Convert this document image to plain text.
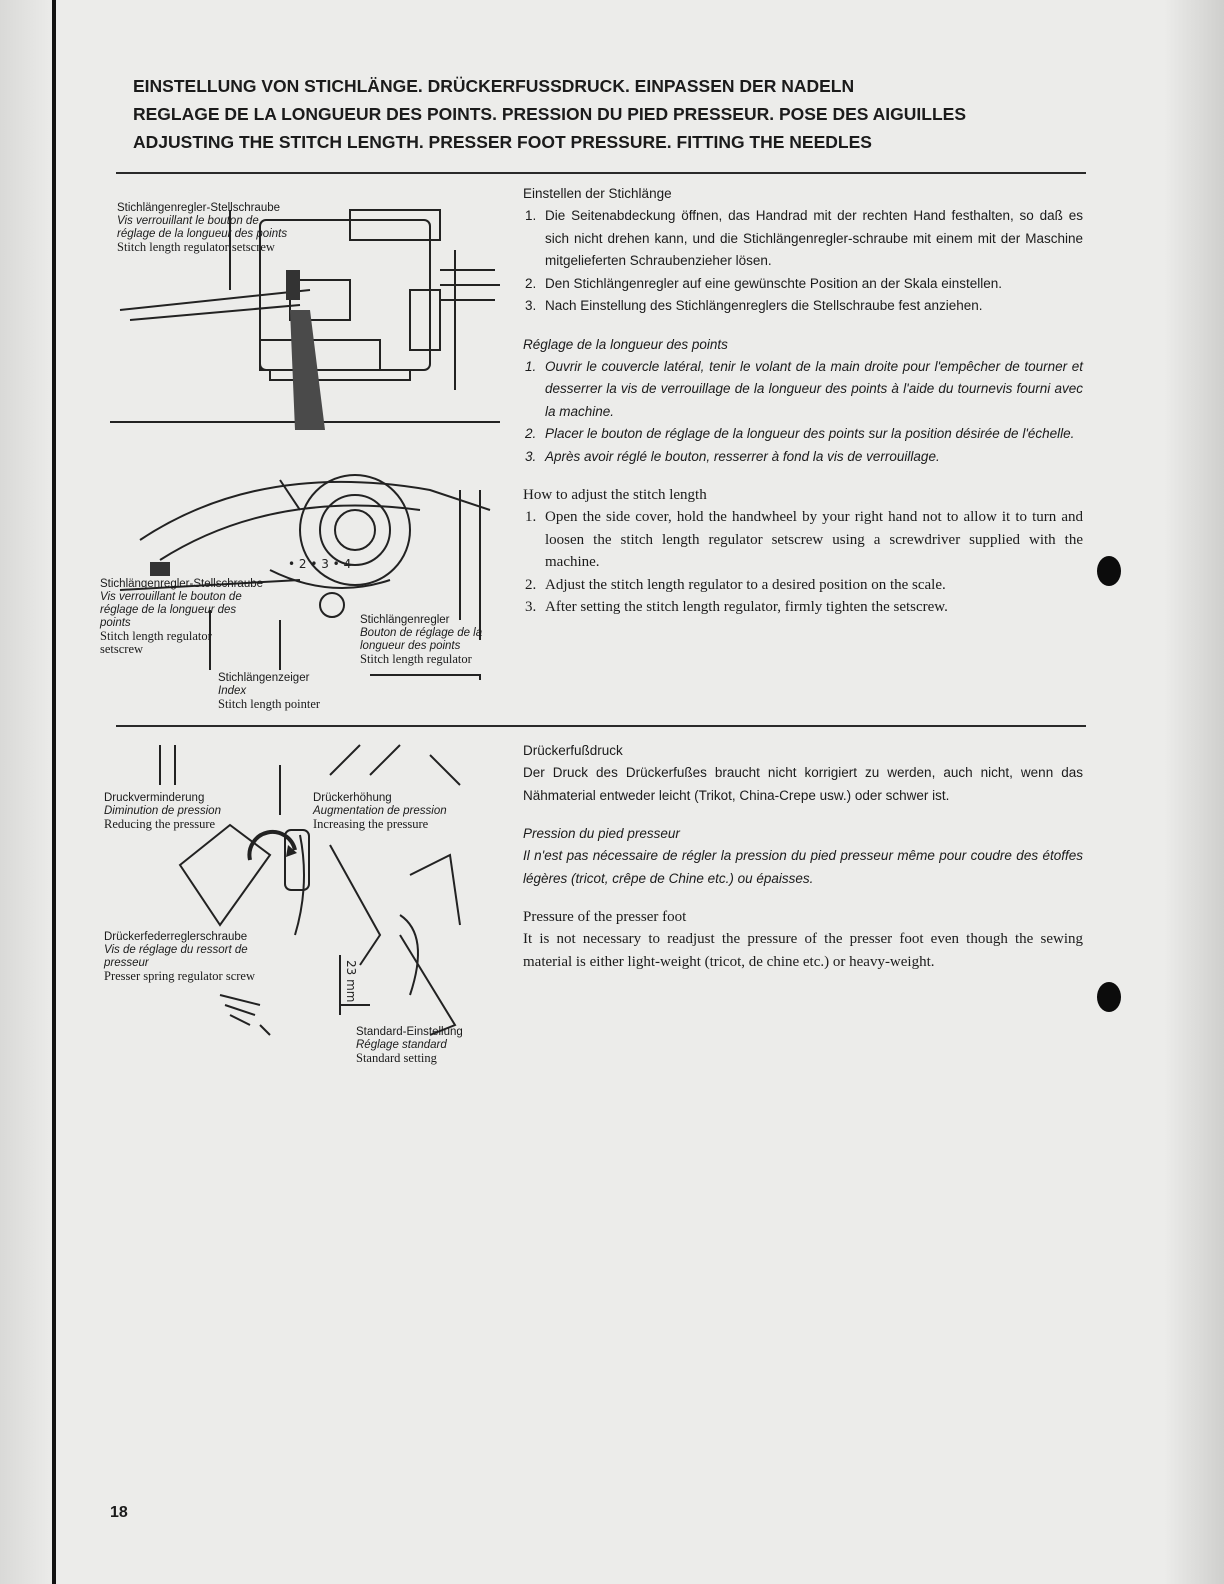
EINSTELLUNG VON STICHLÄNGE. DRÜCKERFUSSDRUCK. EINPASSEN DER NADELN
REGLAGE DE LA LONGUEUR DES POINTS. PRESSION DU PIED PRESSEUR. POSE DES AIGUILLES
ADJUSTING THE STITCH LENGTH. PRESSER FOOT PRESSURE. FITTING THE NEEDLES
Einstellen der Stichlänge
1. Die Seitenabdeckung öffnen, das Handrad mit der rechten Hand festhalten, so daß es sich nicht drehen kann, und die Stichlängenregler-schraube mit einem mit der Maschine mitgelieferten Schraubenzieher lösen.
2. Den Stichlängenregler auf eine gewünschte Position an der Skala einstellen.
3. Nach Einstellung des Stichlängenreglers die Stellschraube fest anziehen.
Réglage de la longueur des points
1. Ouvrir le couvercle latéral, tenir le volant de la main droite pour l'empêcher de tourner et desserrer la vis de verrouillage de la longueur des points à l'aide du tournevis fourni avec la machine.
2. Placer le bouton de réglage de la longueur des points sur la position désirée de l'échelle.
3. Après avoir réglé le bouton, resserrer à fond la vis de verrouillage.
How to adjust the stitch length
1. Open the side cover, hold the handwheel by your right hand not to allow it to turn and loosen the stitch length regulator setscrew using a screwdriver supplied with the machine.
2. Adjust the stitch length regulator to a desired position on the scale.
3. After setting the stitch length regulator, firmly tighten the setscrew.
Drückerfußdruck
Der Druck des Drückerfußes braucht nicht korrigiert zu werden, auch nicht, wenn das Nähmaterial entweder leicht (Trikot, China-Crepe usw.) oder schwer ist.
Pression du pied presseur
Il n'est pas nécessaire de régler la pression du pied presseur même pour coudre des étoffes légères (tricot, crêpe de Chine etc.) ou épaisses.
Pressure of the presser foot
It is not necessary to readjust the pressure of the presser foot even though the sewing material is either light-weight (tricot, de chine etc.) or heavy-weight.
Stichlängenregler-Stellschraube
Vis verrouillant le bouton de
réglage de la longueur des points
Stitch length regulator setscrew
• 2 • 3 • 4
Stichlängenregler-Stellschraube
Vis verrouillant le bouton de
réglage de la longueur des
points
Stitch length regulator
setscrew
Stichlängenregler
Bouton de réglage de la
longueur des points
Stitch length regulator
Stichlängenzeiger
Index
Stitch length pointer
23 mm
Druckverminderung
Diminution de pression
Reducing the pressure
Drückerhöhung
Augmentation de pression
Increasing the pressure
Drückerfederreglerschraube
Vis de réglage du ressort de
presseur
Presser spring regulator screw
Standard-Einstellung
Réglage standard
Standard setting
18
